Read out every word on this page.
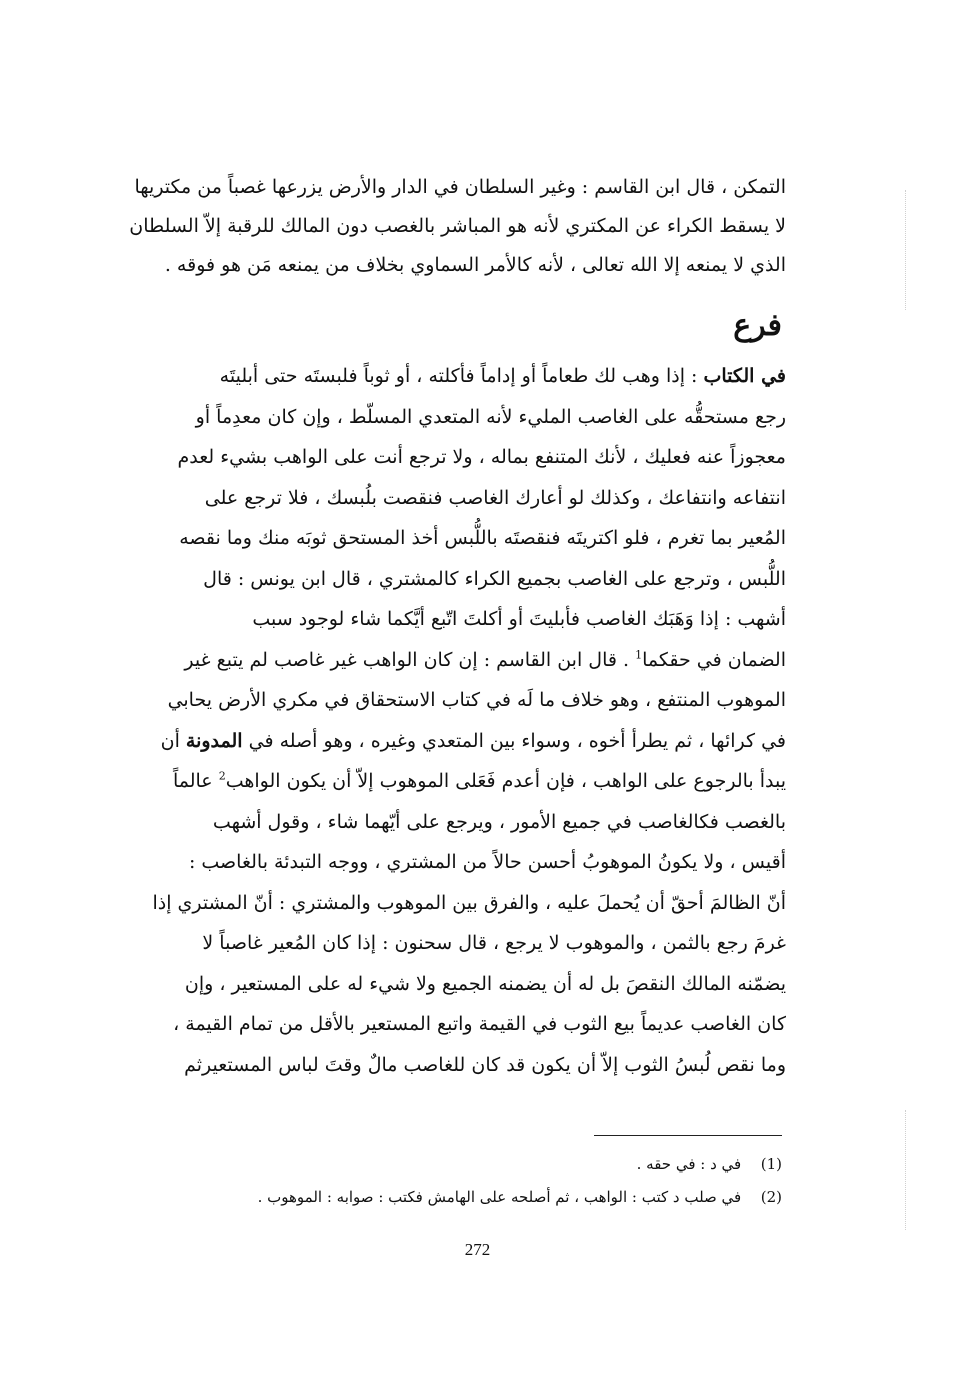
التمكن ، قال ابن القاسم : وغير السلطان في الدار والأرض يزرعها غصباً من مكتريها
لا يسقط الكراء عن المكتري لأنه هو المباشر بالغصب دون المالك للرقبة إلاّ السلطان
الذي لا يمنعه إلا الله تعالى ، لأنه كالأمر السماوي بخلاف من يمنعه مَن هو فوقه .
فرع
في الكتاب : إذا وهب لك طعاماً أو إداماً فأكلته ، أو ثوباً فلبستَه حتى أبليتَه
رجع مستحقُّه على الغاصب المليء لأنه المتعدي المسلّط ، وإن كان معدِماً أو
معجوزاً عنه فعليك ، لأنك المتنفع بماله ، ولا ترجع أنت على الواهب بشيء لعدم
انتفاعه وانتفاعك ، وكذلك لو أعارك الغاصب فنقصت بلُبسك ، فلا ترجع على
المُعير بما تغرم ، فلو اكتريتَه فنقصتَه باللُّبس أخذ المستحق ثوبَه منك وما نقصه
اللُّبس ، وترجع على الغاصب بجميع الكراء كالمشتري ، قال ابن يونس : قال
أشهب : إذا وَهَبَك الغاصب فأبليتَ أو أكلتَ اتّبع أيَّكما شاء لوجود سبب
الضمان في حقكما$^1$ . قال ابن القاسم : إن كان الواهب غير غاصب لم يتبع غير
الموهوب المنتفع ، وهو خلاف ما لَه في كتاب الاستحقاق في مكري الأرض يحابي
في كرائها ، ثم يطرأ أخوه ، وسواء بين المتعدي وغيره ، وهو أصله في المدونة أن
يبدأ بالرجوع على الواهب ، فإن أعدم فَعَلى الموهوب إلاّ أن يكون الواهب$^2$ عالماً
بالغصب فكالغاصب في جميع الأمور ، ويرجع على أيّهما شاء ، وقول أشهب
أقيس ، ولا يكونُ الموهوبُ أحسن حالاً من المشتري ، ووجه التبدئة بالغاصب :
أنّ الظالمَ أحقّ أن يُحملَ عليه ، والفرق بين الموهوب والمشتري : أنّ المشتري إذا
غرمَ رجع بالثمن ، والموهوب لا يرجع ، قال سحنون : إذا كان المُعير غاصباً لا
يضمّنه المالك النقصَ بل له أن يضمنه الجميع ولا شيء له على المستعير ، وإن
كان الغاصب عديماً بيع الثوب في القيمة واتبع المستعير بالأقل من تمام القيمة ،
وما نقص لُبسُ الثوب إلاّ أن يكون قد كان للغاصب مالٌ وقتَ لباس المستعيرثم
(1) في د : في حقه .
(2) في صلب د كتب : الواهب ، ثم أصلحه على الهامش فكتب : صوابه : الموهوب .
272
